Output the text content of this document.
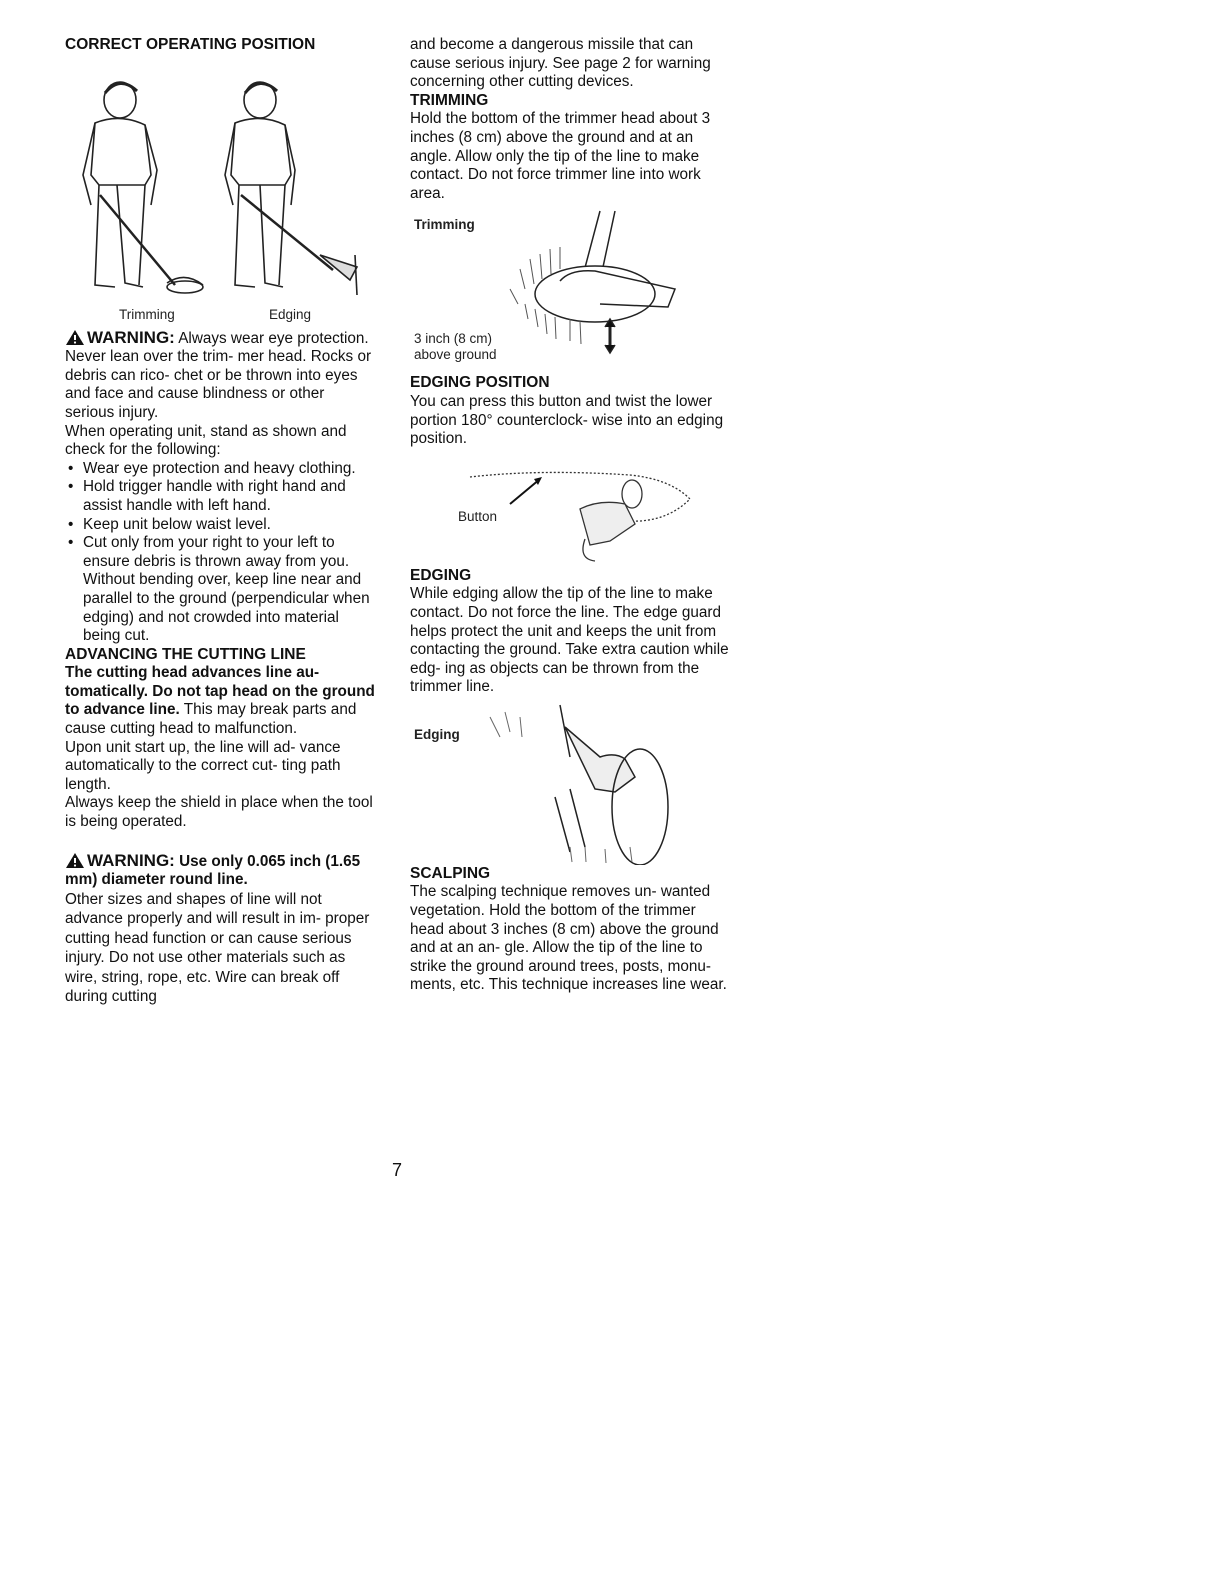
CORRECT OPERATING POSITION
Trimming	Edging

WARNING: Always wear eye protection. Never lean over the trim- mer head. Rocks or debris can rico- chet or be thrown into eyes and face and cause blindness or other serious injury.

When operating unit, stand as shown and check for the following:

• Wear eye protection and heavy clothing.
• Hold trigger handle with right hand and assist handle with left hand.
• Keep unit below waist level.
• Cut only from your right to your left to ensure debris is thrown away from you. Without bending over, keep line near and parallel to the ground (perpendicular when edging) and not crowded into material being cut.
ADVANCING THE CUTTING LINE

The cutting head advances line au- tomatically. Do not tap head on the ground to advance line. This may break parts and cause cutting head to malfunction.

Upon unit start up, the line will ad- vance automatically to the correct cut- ting path length.

Always keep the shield in place when the tool is being operated.

WARNING: Use only 0.065 inch (1.65 mm) diameter round line.

Other sizes and shapes of line will not advance properly and will result in im- proper cutting head function or can cause serious injury. Do not use other materials such as wire, string, rope, etc. Wire can break off during cutting

and become a dangerous missile that can cause serious injury. See page 2 for warning concerning other cutting devices.

TRIMMING

Hold the bottom of the trimmer head about 3 inches (8 cm) above the ground and at an angle. Allow only the tip of the line to make contact. Do not force trimmer line into work area.

Trimming
3 inch (8 cm)
above ground
EDGING POSITION

You can press this button and twist the lower portion 180° counterclock- wise into an edging position.

Button
EDGING

While edging allow the tip of the line to make contact. Do not force the line. The edge guard helps protect the unit and keeps the unit from contacting the ground. Take extra caution while edg- ing as objects can be thrown from the trimmer line.

Edging
SCALPING

The scalping technique removes un- wanted vegetation. Hold the bottom of the trimmer head about 3 inches (8 cm) above the ground and at an an- gle. Allow the tip of the line to strike the ground around trees, posts, monu- ments, etc. This technique increases line wear.

7
